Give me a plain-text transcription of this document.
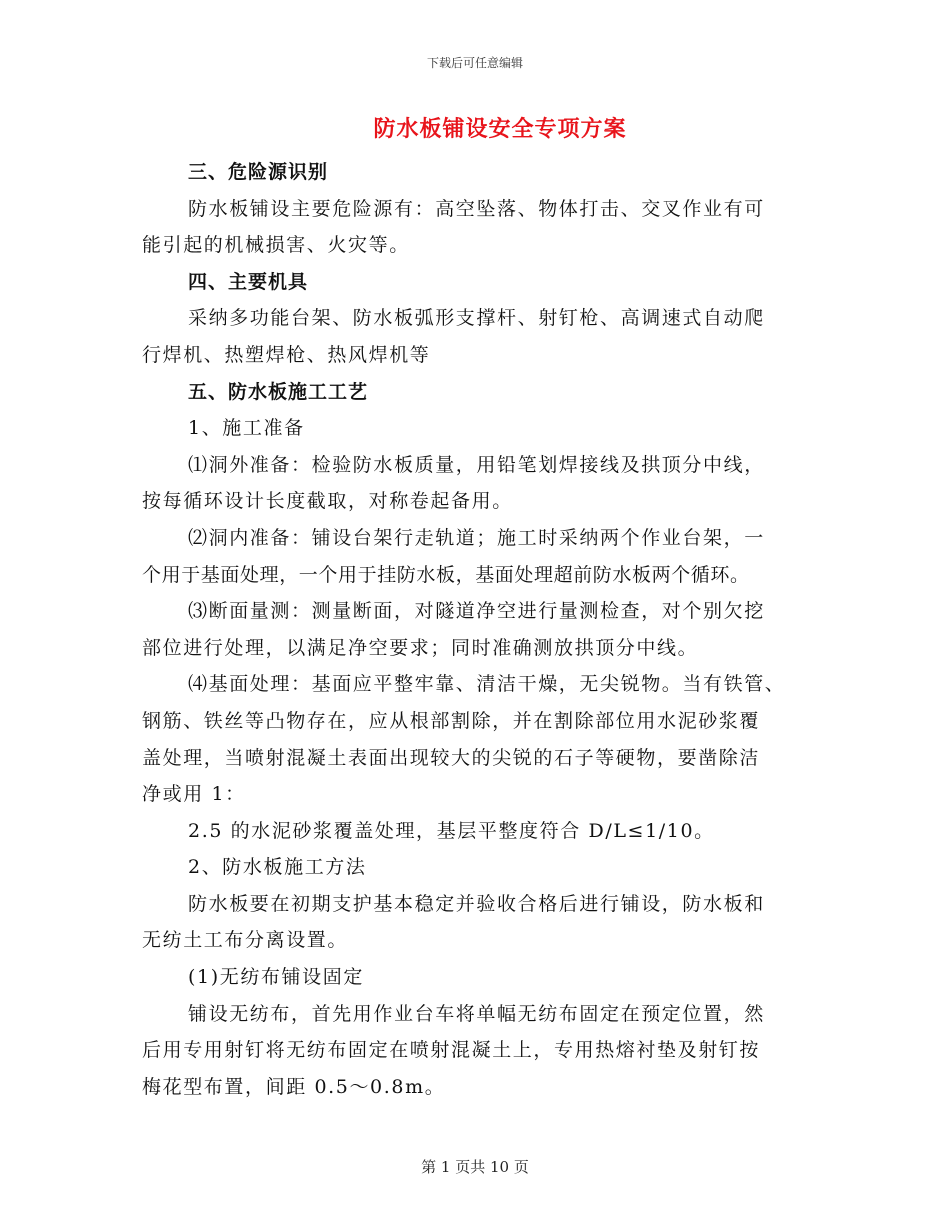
下载后可任意编辑
防水板铺设安全专项方案
三、危险源识别
防水板铺设主要危险源有：高空坠落、物体打击、交叉作业有可
能引起的机械损害、火灾等。
四、主要机具
采纳多功能台架、防水板弧形支撑杆、射钉枪、高调速式自动爬
行焊机、热塑焊枪、热风焊机等
五、防水板施工工艺
1、施工准备
⑴洞外准备：检验防水板质量，用铅笔划焊接线及拱顶分中线，
按每循环设计长度截取，对称卷起备用。
⑵洞内准备：铺设台架行走轨道；施工时采纳两个作业台架，一
个用于基面处理，一个用于挂防水板，基面处理超前防水板两个循环。
⑶断面量测：测量断面，对隧道净空进行量测检查，对个别欠挖
部位进行处理，以满足净空要求；同时准确测放拱顶分中线。
⑷基面处理：基面应平整牢靠、清洁干燥，无尖锐物。当有铁管、
钢筋、铁丝等凸物存在，应从根部割除，并在割除部位用水泥砂浆覆
盖处理，当喷射混凝土表面出现较大的尖锐的石子等硬物，要凿除洁
净或用 1：
2.5 的水泥砂浆覆盖处理，基层平整度符合 D/L≤1/10。
2、防水板施工方法
防水板要在初期支护基本稳定并验收合格后进行铺设，防水板和
无纺土工布分离设置。
(1)无纺布铺设固定
铺设无纺布，首先用作业台车将单幅无纺布固定在预定位置，然
后用专用射钉将无纺布固定在喷射混凝土上，专用热熔衬垫及射钉按
梅花型布置，间距 0.5～0.8m。
第 1 页共 10 页
